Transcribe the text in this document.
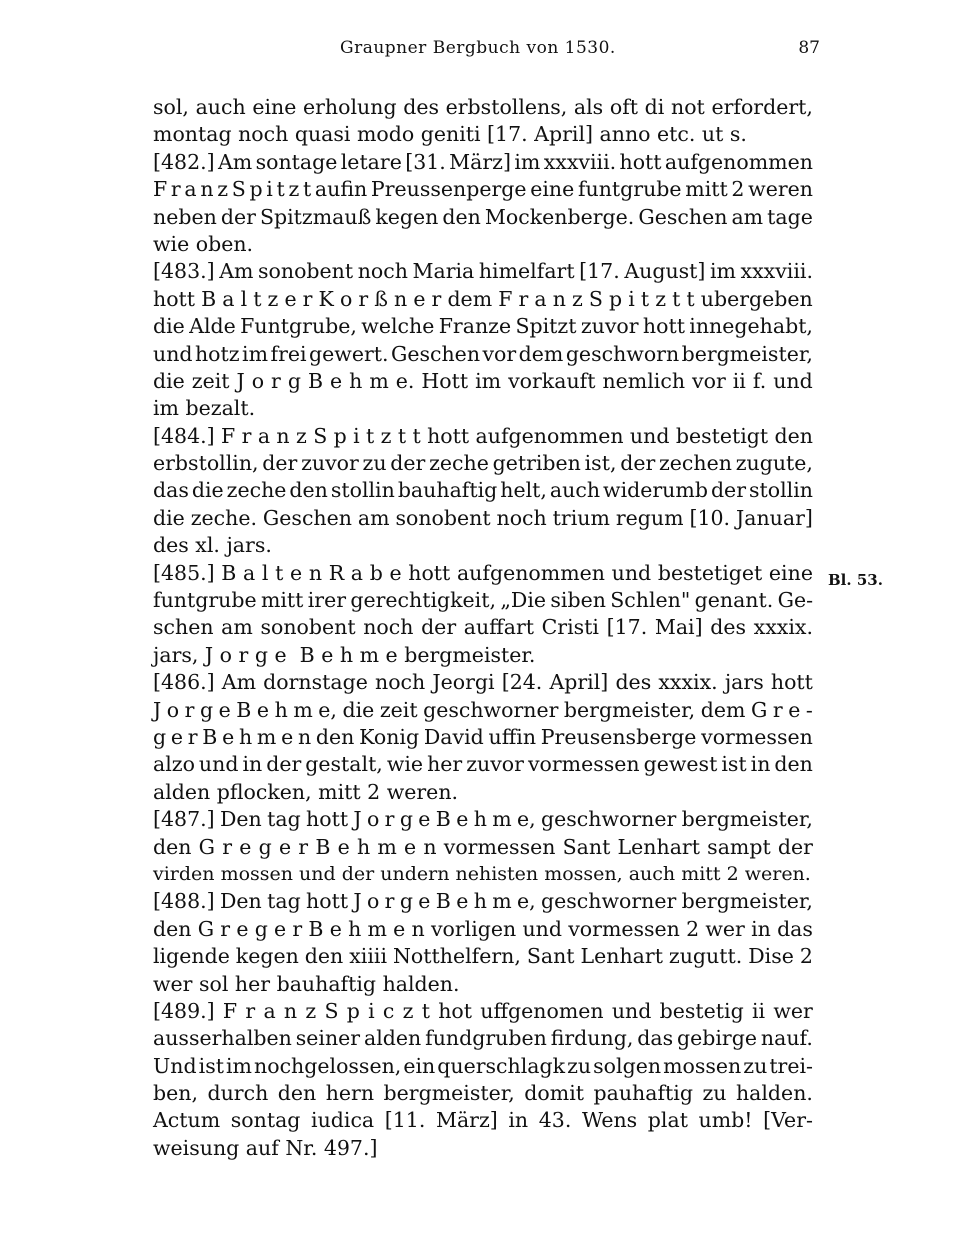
Graupner Bergbuch von 1530.	87
sol, auch eine erholung des erbstollens, als oft di not erfordert,
montag noch quasi modo geniti [17. April] anno etc. ut s.
[482.] Am sontage letare [31. März] im xxxviii. hott aufgenommen
F r a n z S p i t z t aufin Preussenperge eine funtgrube mitt 2 weren
neben der Spitzmauß kegen den Mockenberge. Geschen am tage
wie oben.
[483.] Am sonobent noch Maria himelfart [17. August] im xxxviii.
hott B a l t z e r K o r ß n e r dem F r a n z S p i t z t t ubergeben
die Alde Funtgrube, welche Franze Spitzt zuvor hott innegehabt,
und hotz im frei gewert. Geschen vor dem geschworn bergmeister,
die zeit J o r g B e h m e. Hott im vorkauft nemlich vor ii f. und
im bezalt.
[484.] F r a n z S p i t z t t hott aufgenommen und bestetigt den
erbstollin, der zuvor zu der zeche getriben ist, der zechen zugute,
das die zeche den stollin bauhaftig helt, auch widerumb der stollin
die zeche. Geschen am sonobent noch trium regum [10. Januar]
des xl. jars.
[485.] B a l t e n R a b e hott aufgenommen und bestetiget eine
funtgrube mitt irer gerechtigkeit, „Die siben Schlen" genant. Ge-
schen am sonobent noch der auffart Cristi [17. Mai] des xxxix.
jars, J o r g e  B e h m e bergmeister.
[486.] Am dornstage noch Jeorgi [24. April] des xxxix. jars hott
J o r g e B e h m e, die zeit geschworner bergmeister, dem G r e -
g e r B e h m e n den Konig David uffin Preusensberge vormessen
alzo und in der gestalt, wie her zuvor vormessen gewest ist in den
alden pflocken, mitt 2 weren.
[487.] Den tag hott J o r g e B e h m e, geschworner bergmeister,
den G r e g e r B e h m e n vormessen Sant Lenhart sampt der
virden mossen und der undern nehisten mossen, auch mitt 2 weren.
[488.] Den tag hott J o r g e B e h m e, geschworner bergmeister,
den G r e g e r B e h m e n vorligen und vormessen 2 wer in das
ligende kegen den xiiii Notthelfern, Sant Lenhart zugutt. Dise 2
wer sol her bauhaftig halden.
[489.] F r a n z S p i c z t hot uffgenomen und bestetig ii wer
ausserhalben seiner alden fundgruben firdung, das gebirge nauf.
Und ist im nochgelossen, ein querschlagk zu solgen mossen zu trei-
ben, durch den hern bergmeister, domit pauhaftig zu halden.
Actum sontag iudica [11. März] in 43. Wens plat umb! [Ver-
weisung auf Nr. 497.]
Bl. 53.
